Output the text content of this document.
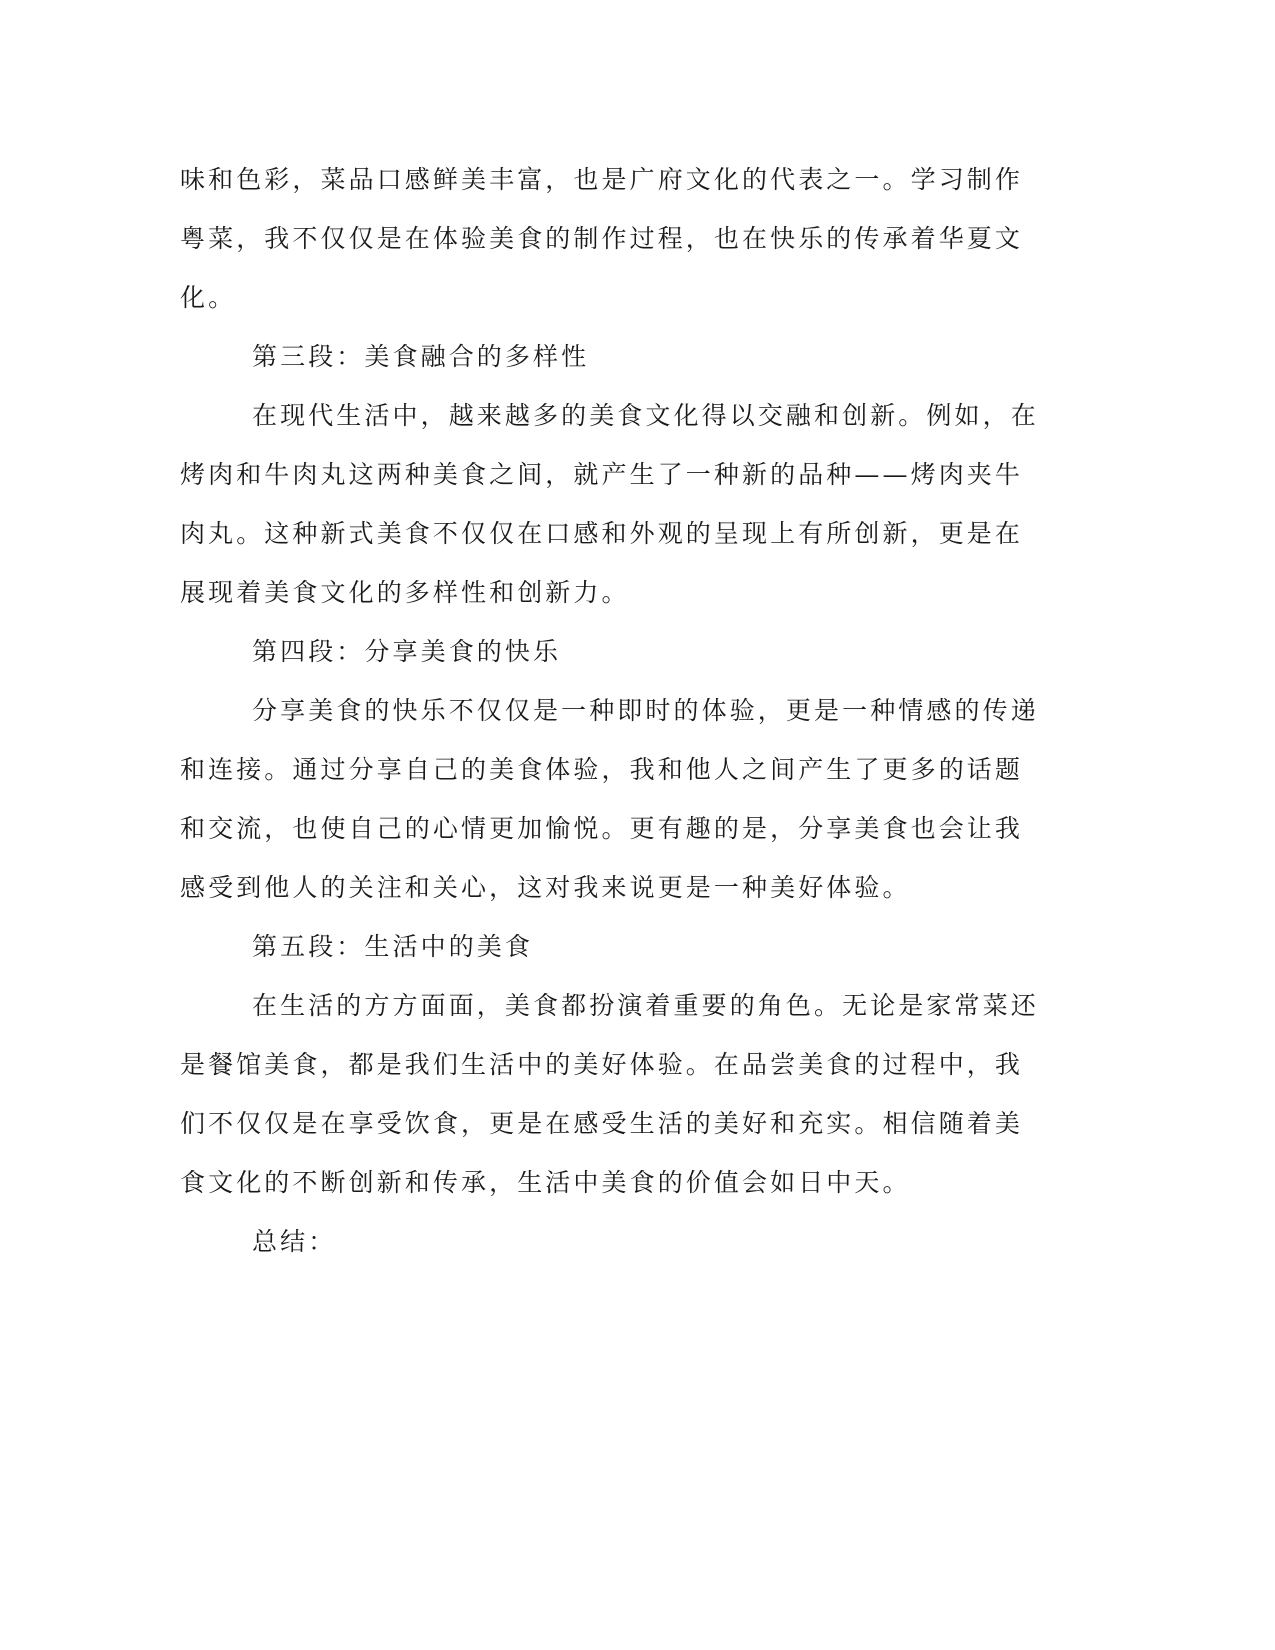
味和色彩，菜品口感鲜美丰富，也是广府文化的代表之一。学习制作
粤菜，我不仅仅是在体验美食的制作过程，也在快乐的传承着华夏文
化。
第三段：美食融合的多样性
在现代生活中，越来越多的美食文化得以交融和创新。例如，在
烤肉和牛肉丸这两种美食之间，就产生了一种新的品种——烤肉夹牛
肉丸。这种新式美食不仅仅在口感和外观的呈现上有所创新，更是在
展现着美食文化的多样性和创新力。
第四段：分享美食的快乐
分享美食的快乐不仅仅是一种即时的体验，更是一种情感的传递
和连接。通过分享自己的美食体验，我和他人之间产生了更多的话题
和交流，也使自己的心情更加愉悦。更有趣的是，分享美食也会让我
感受到他人的关注和关心，这对我来说更是一种美好体验。
第五段：生活中的美食
在生活的方方面面，美食都扮演着重要的角色。无论是家常菜还
是餐馆美食，都是我们生活中的美好体验。在品尝美食的过程中，我
们不仅仅是在享受饮食，更是在感受生活的美好和充实。相信随着美
食文化的不断创新和传承，生活中美食的价值会如日中天。
总结：
